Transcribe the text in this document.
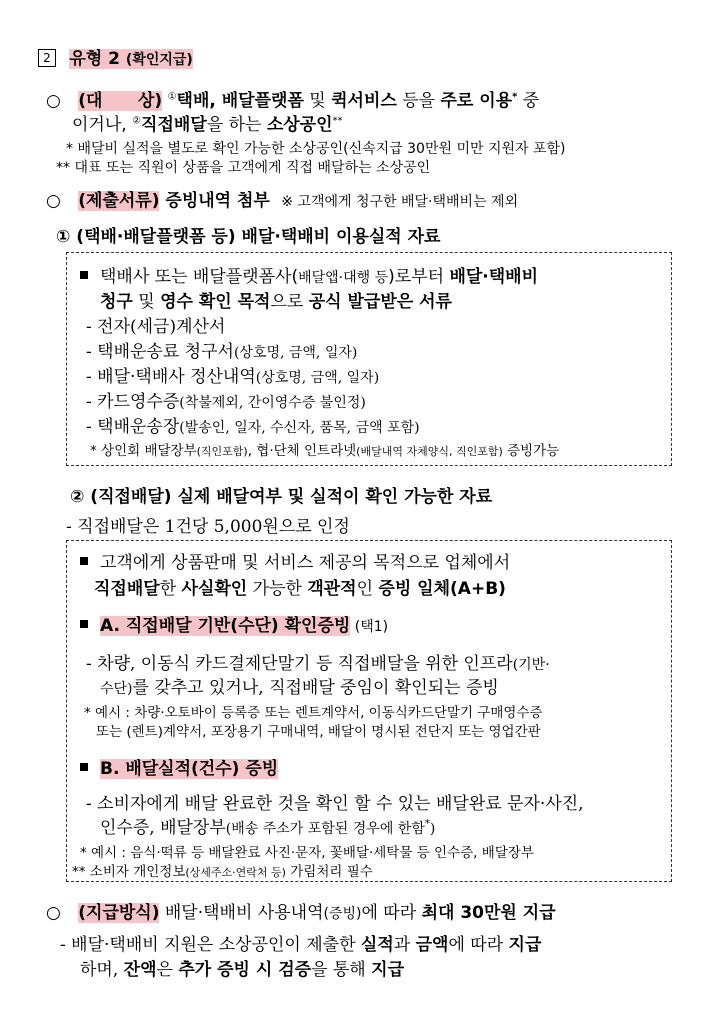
2 유형 2 (확인지급)
○ (대      상) ①택배, 배달플랫폼 및 퀵서비스 등을 주로 이용* 중
이거나, ②직접배달을 하는 소상공인**
* 배달비 실적을 별도로 확인 가능한 소상공인(신속지급 30만원 미만 지원자 포함)
** 대표 또는 직원이 상품을 고객에게 직접 배달하는 소상공인
○ (제출서류) 증빙내역 첨부 ※ 고객에게 청구한 배달·택배비는 제외
① (택배·배달플랫폼 등) 배달·택배비 이용실적 자료
택배사 또는 배달플랫폼사(배달앱·대행 등)로부터 배달·택배비
청구 및 영수 확인 목적으로 공식 발급받은 서류
- 전자(세금)계산서
- 택배운송료 청구서(상호명, 금액, 일자)
- 배달·택배사 정산내역(상호명, 금액, 일자)
- 카드영수증(착불제외, 간이영수증 불인정)
- 택배운송장(발송인, 일자, 수신자, 품목, 금액 포함)
* 상인회 배달장부(직인포함), 협·단체 인트라넷(배달내역 자체양식, 직인포함) 증빙가능
② (직접배달) 실제 배달여부 및 실적이 확인 가능한 자료
- 직접배달은 1건당 5,000원으로 인정
고객에게 상품판매 및 서비스 제공의 목적으로 업체에서
직접배달한 사실확인 가능한 객관적인 증빙 일체(A+B)
A. 직접배달 기반(수단) 확인증빙 (택1)
- 차량, 이동식 카드결제단말기 등 직접배달을 위한 인프라(기반·
수단)를 갖추고 있거나, 직접배달 중임이 확인되는 증빙
* 예시 : 차량·오토바이 등록증 또는 렌트계약서, 이동식카드단말기 구매영수증
또는 (렌트)계약서, 포장용기 구매내역, 배달이 명시된 전단지 또는 영업간판
B. 배달실적(건수) 증빙
- 소비자에게 배달 완료한 것을 확인 할 수 있는 배달완료 문자·사진,
인수증, 배달장부(배송 주소가 포함된 경우에 한함*)
* 예시 : 음식·떡류 등 배달완료 사진·문자, 꽃배달·세탁물 등 인수증, 배달장부
** 소비자 개인정보(상세주소·연락처 등) 가림처리 필수
○ (지급방식) 배달·택배비 사용내역(증빙)에 따라 최대 30만원 지급
- 배달·택배비 지원은 소상공인이 제출한 실적과 금액에 따라 지급
하며, 잔액은 추가 증빙 시 검증을 통해 지급
